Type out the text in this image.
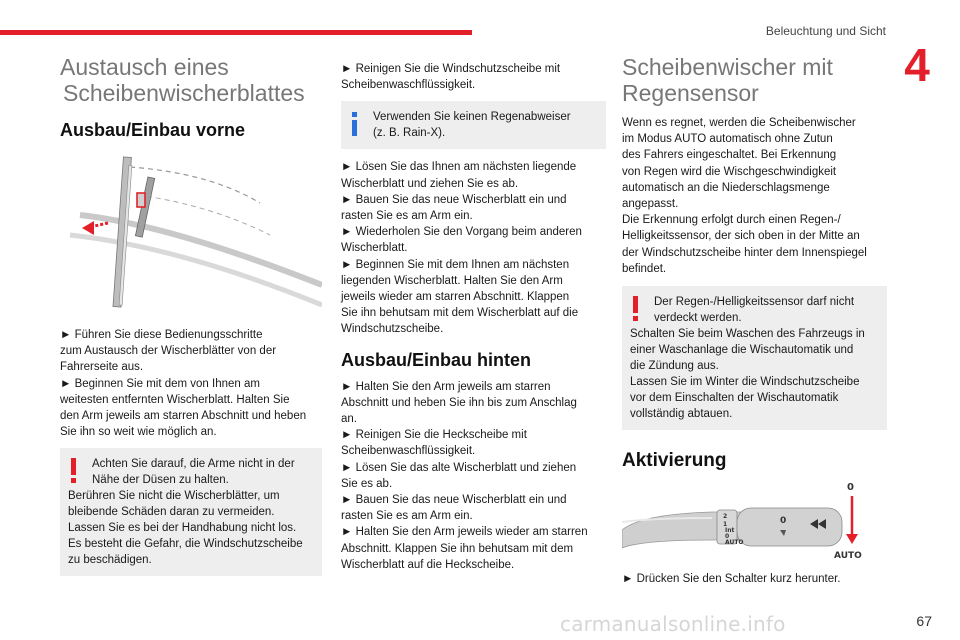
Beleuchtung und Sicht
4
Austausch eines
Scheibenwischerblattes
Ausbau/Einbau vorne
► Führen Sie diese Bedienungsschritte
zum Austausch der Wischerblätter von der
Fahrerseite aus.
► Beginnen Sie mit dem von Ihnen am
weitesten entfernten Wischerblatt. Halten Sie
den Arm jeweils am starren Abschnitt und heben
Sie ihn so weit wie möglich an.
Achten Sie darauf, die Arme nicht in der
Nähe der Düsen zu halten.
Berühren Sie nicht die Wischerblätter, um
bleibende Schäden daran zu vermeiden.
Lassen Sie es bei der Handhabung nicht los.
Es besteht die Gefahr, die Windschutzscheibe
zu beschädigen.
► Reinigen Sie die Windschutzscheibe mit
Scheibenwaschflüssigkeit.
Verwenden Sie keinen Regenabweiser
(z. B. Rain-X).
► Lösen Sie das Ihnen am nächsten liegende
Wischerblatt und ziehen Sie es ab.
► Bauen Sie das neue Wischerblatt ein und
rasten Sie es am Arm ein.
► Wiederholen Sie den Vorgang beim anderen
Wischerblatt.
► Beginnen Sie mit dem Ihnen am nächsten
liegenden Wischerblatt. Halten Sie den Arm
jeweils wieder am starren Abschnitt. Klappen
Sie ihn behutsam mit dem Wischerblatt auf die
Windschutzscheibe.
Ausbau/Einbau hinten
► Halten Sie den Arm jeweils am starren
Abschnitt und heben Sie ihn bis zum Anschlag
an.
► Reinigen Sie die Heckscheibe mit
Scheibenwaschflüssigkeit.
► Lösen Sie das alte Wischerblatt und ziehen
Sie es ab.
► Bauen Sie das neue Wischerblatt ein und
rasten Sie es am Arm ein.
► Halten Sie den Arm jeweils wieder am starren
Abschnitt. Klappen Sie ihn behutsam mit dem
Wischerblatt auf die Heckscheibe.
Scheibenwischer mit
Regensensor
Wenn es regnet, werden die Scheibenwischer
im Modus AUTO automatisch ohne Zutun
des Fahrers eingeschaltet. Bei Erkennung
von Regen wird die Wischgeschwindigkeit
automatisch an die Niederschlagsmenge
angepasst.
Die Erkennung erfolgt durch einen Regen-/
Helligkeitssensor, der sich oben in der Mitte an
der Windschutzscheibe hinter dem Innenspiegel
befindet.
Der Regen-/Helligkeitssensor darf nicht
verdeckt werden.
Schalten Sie beim Waschen des Fahrzeugs in
einer Waschanlage die Wischautomatik und
die Zündung aus.
Lassen Sie im Winter die Windschutzscheibe
vor dem Einschalten der Wischautomatik
vollständig abtauen.
Aktivierung
2
1
Int
0
AUTO
0
0
AUTO
► Drücken Sie den Schalter kurz herunter.
carmanualsonline.info	67
